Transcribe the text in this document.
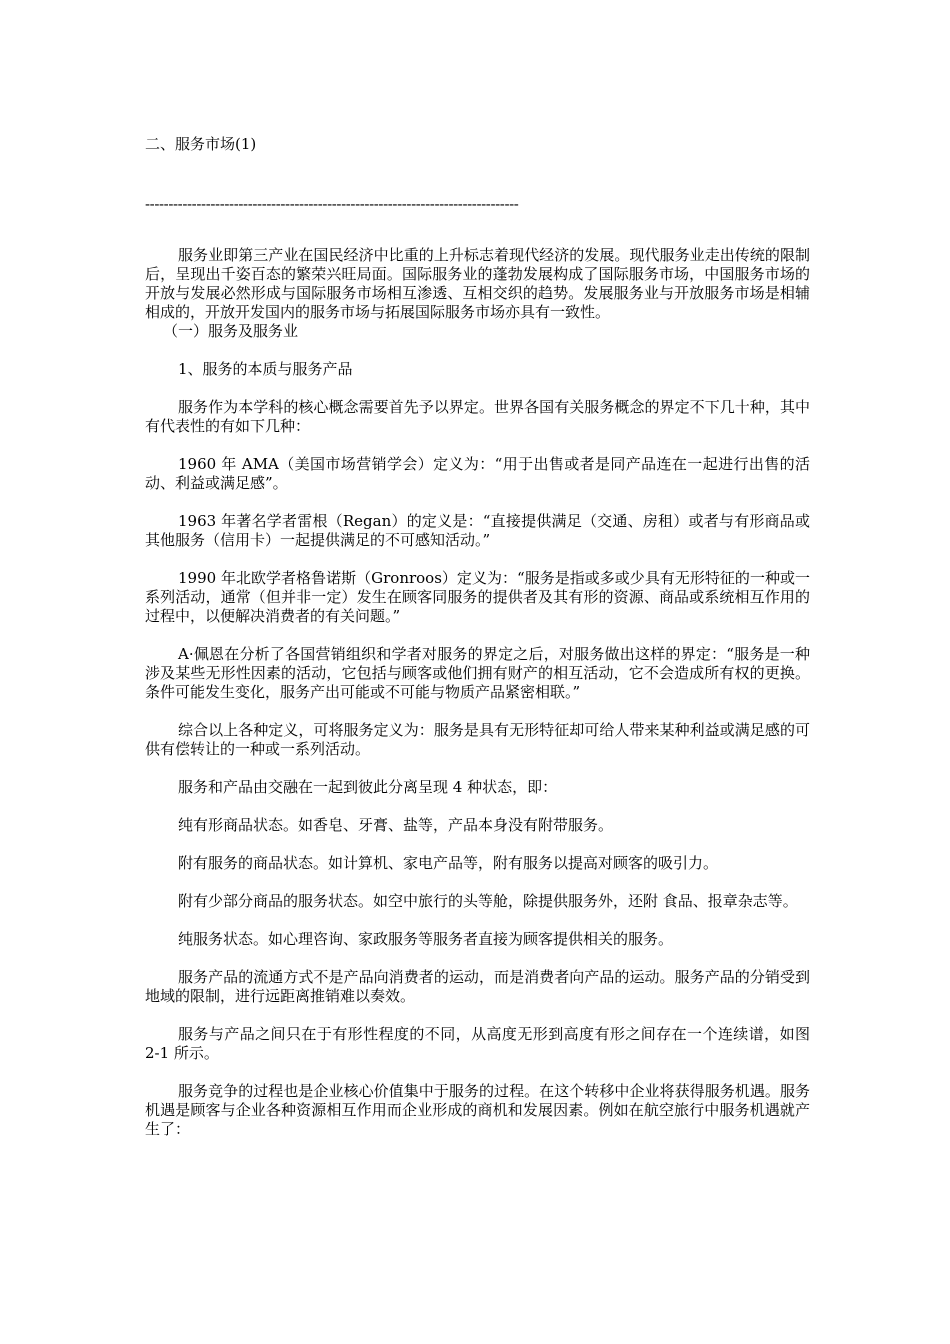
二、服务市场(1)
--------------------------------------------------------------------------------

服务业即第三产业在国民经济中比重的上升标志着现代经济的发展。现代服务业走出传统的限制后，呈现出千姿百态的繁荣兴旺局面。国际服务业的蓬勃发展构成了国际服务市场，中国服务市场的开放与发展必然形成与国际服务市场相互渗透、互相交织的趋势。发展服务业与开放服务市场是相辅相成的，开放开发国内的服务市场与拓展国际服务市场亦具有一致性。

（一）服务及服务业

1、服务的本质与服务产品

服务作为本学科的核心概念需要首先予以界定。世界各国有关服务概念的界定不下几十种，其中有代表性的有如下几种：

1960 年 AMA（美国市场营销学会）定义为：“用于出售或者是同产品连在一起进行出售的活动、利益或满足感”。

1963 年著名学者雷根（Regan）的定义是：“直接提供满足（交通、房租）或者与有形商品或其他服务（信用卡）一起提供满足的不可感知活动。”

1990 年北欧学者格鲁诺斯（Gronroos）定义为：“服务是指或多或少具有无形特征的一种或一系列活动，通常（但并非一定）发生在顾客同服务的提供者及其有形的资源、商品或系统相互作用的过程中，以便解决消费者的有关问题。”

A·佩恩在分析了各国营销组织和学者对服务的界定之后，对服务做出这样的界定：“服务是一种涉及某些无形性因素的活动，它包括与顾客或他们拥有财产的相互活动，它不会造成所有权的更换。条件可能发生变化，服务产出可能或不可能与物质产品紧密相联。”

综合以上各种定义，可将服务定义为：服务是具有无形特征却可给人带来某种利益或满足感的可供有偿转让的一种或一系列活动。

服务和产品由交融在一起到彼此分离呈现 4 种状态，即：

纯有形商品状态。如香皂、牙膏、盐等，产品本身没有附带服务。

附有服务的商品状态。如计算机、家电产品等，附有服务以提高对顾客的吸引力。

附有少部分商品的服务状态。如空中旅行的头等舱，除提供服务外，还附 食品、报章杂志等。

纯服务状态。如心理咨询、家政服务等服务者直接为顾客提供相关的服务。

服务产品的流通方式不是产品向消费者的运动，而是消费者向产品的运动。服务产品的分销受到地域的限制，进行远距离推销难以奏效。

服务与产品之间只在于有形性程度的不同，从高度无形到高度有形之间存在一个连续谱，如图 2-1 所示。

服务竞争的过程也是企业核心价值集中于服务的过程。在这个转移中企业将获得服务机遇。服务机遇是顾客与企业各种资源相互作用而企业形成的商机和发展因素。例如在航空旅行中服务机遇就产生了：
